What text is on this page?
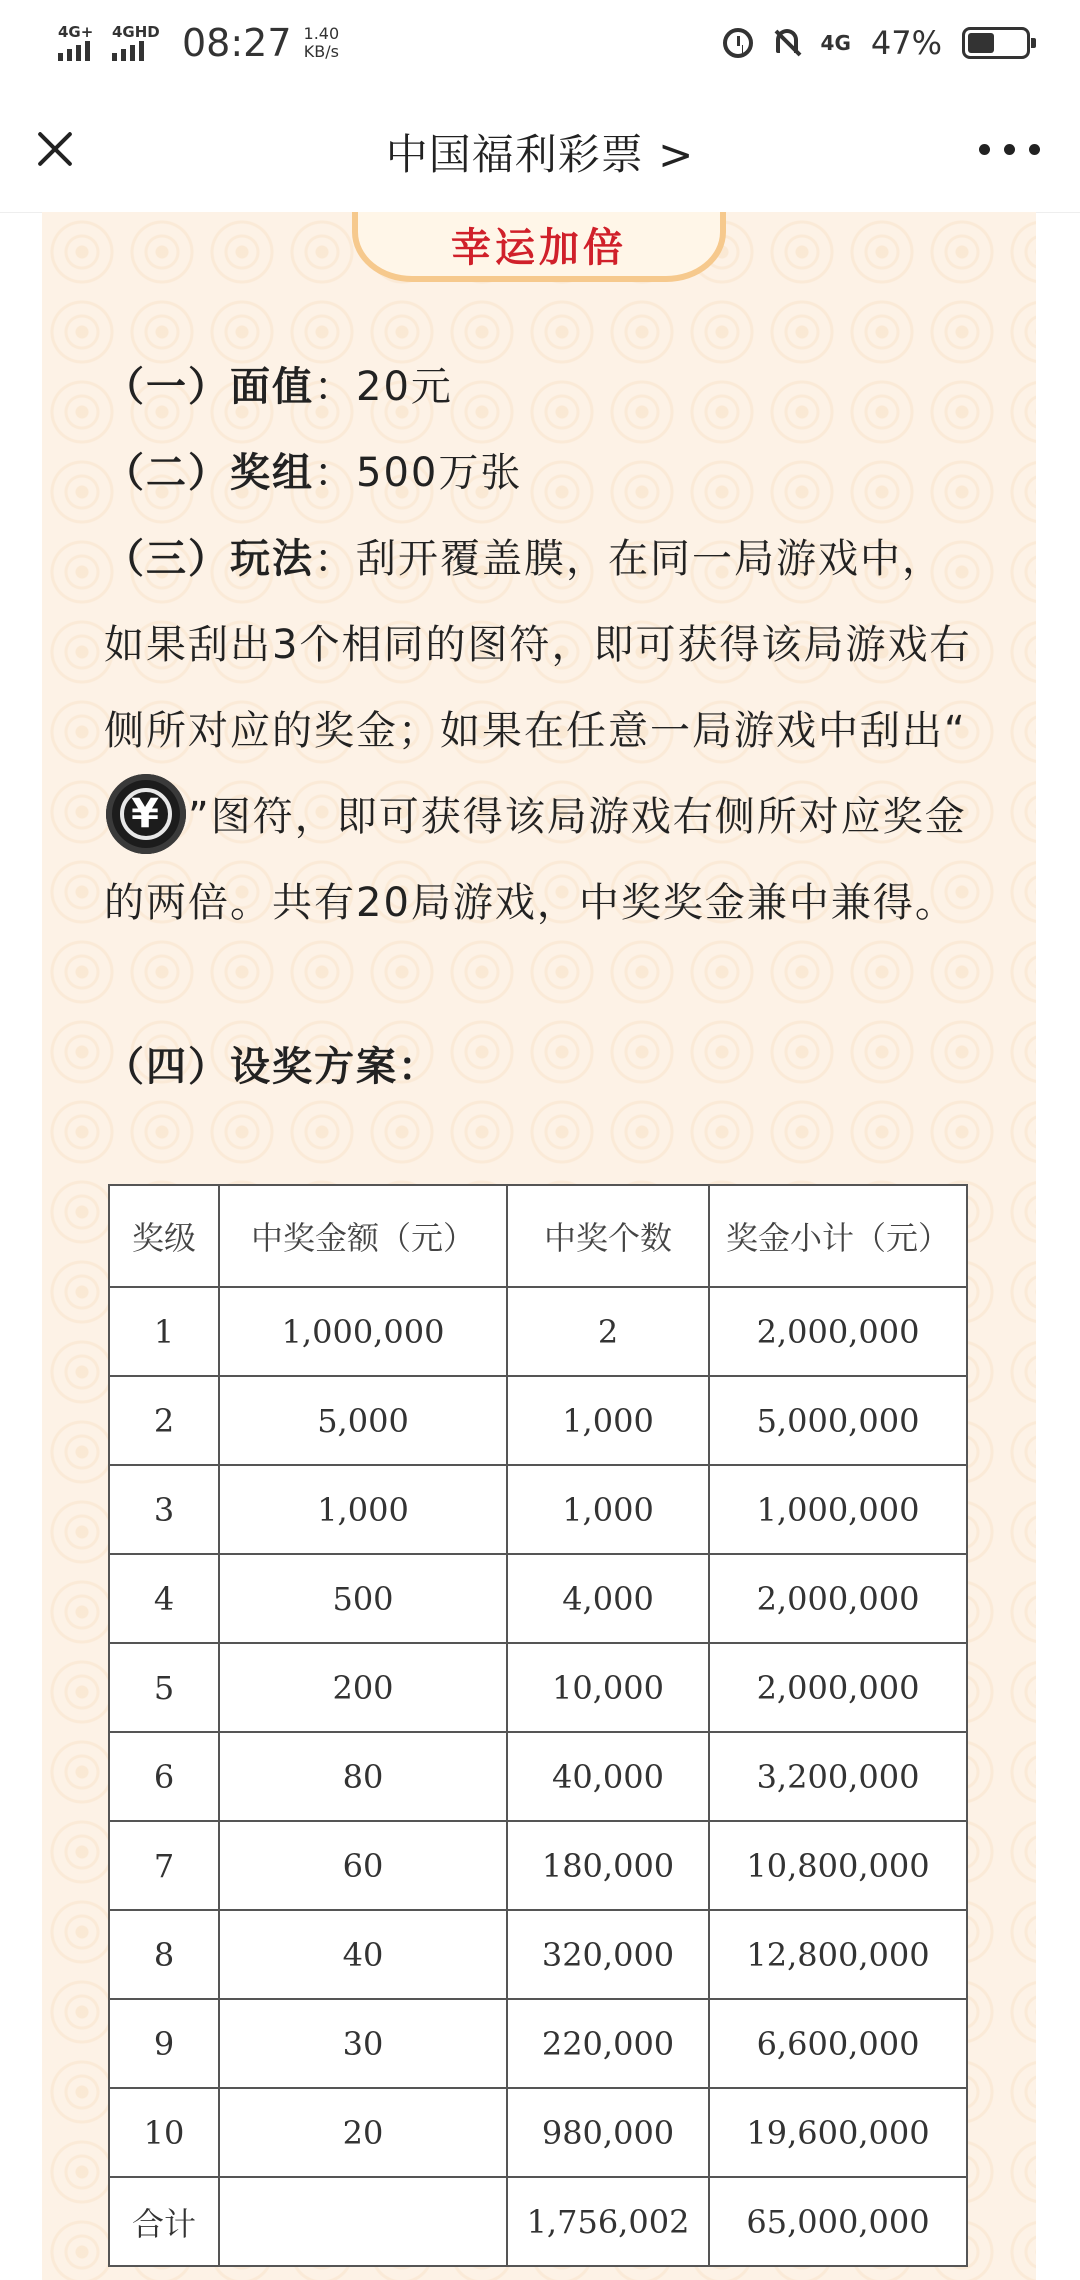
4G+ 4GHD 08:27 1.40
KB/s	4G 47%
中国福利彩票 >
幸运加倍
（一）面值：20元
（二）奖组：500万张
（三）玩法：刮开覆盖膜，在同一局游戏中，如果刮出3个相同的图符，即可获得该局游戏右侧所对应的奖金；如果在任意一局游戏中刮出“
¥ ”图符，即可获得该局游戏右侧所对应奖金的两倍。共有20局游戏，中奖奖金兼中兼得。
（四）设奖方案：
奖级	中奖金额（元）	中奖个数	奖金小计（元）
1	1,000,000	2	2,000,000
2	5,000	1,000	5,000,000
3	1,000	1,000	1,000,000
4	500	4,000	2,000,000
5	200	10,000	2,000,000
6	80	40,000	3,200,000
7	60	180,000	10,800,000
8	40	320,000	12,800,000
9	30	220,000	6,600,000
10	20	980,000	19,600,000
合计		1,756,002	65,000,000
